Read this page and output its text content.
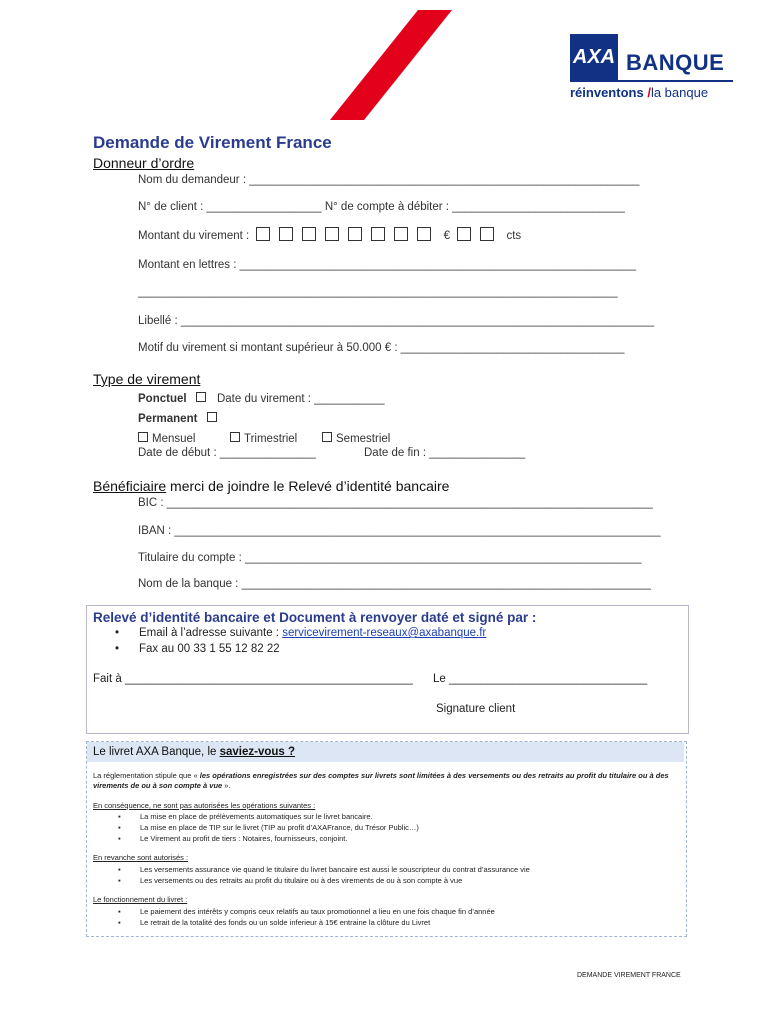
AXA BANQUE
réinventons /la banque
Demande de Virement France
Donneur d’ordre
Nom du demandeur : _____________________________________________________________
N° de client : __________________ N° de compte à débiter : ___________________________
Montant du virement :	€	cts
Montant en lettres : ______________________________________________________________
___________________________________________________________________________
Libellé : __________________________________________________________________________
Motif du virement si montant supérieur à 50.000 € : ___________________________________
Type de virement
Ponctuel	Date du virement : ___________
Permanent
Mensuel	Trimestriel	Semestriel
Date de début : _______________	Date de fin : _______________
Bénéficiaire merci de joindre le Relevé d’identité bancaire
BIC : ____________________________________________________________________________
IBAN : ____________________________________________________________________________
Titulaire du compte : ______________________________________________________________
Nom de la banque : ________________________________________________________________
Relevé d’identité bancaire et Document à renvoyer daté et signé par :
• Email à l’adresse suivante : servicevirement-reseaux@axabanque.fr
• Fax au 00 33 1 55 12 82 22
Fait à _____________________________________________ Le _______________________________
Signature client
Le livret AXA Banque, le saviez-vous ?
La réglementation stipule que « les opérations enregistrées sur des comptes sur livrets sont limitées à des versements ou des retraits au profit du titulaire ou à des virements de ou à son compte à vue ».
En conséquence, ne sont pas autorisées les opérations suivantes :
▪	La mise en place de prélèvements automatiques sur le livret bancaire.
▪	La mise en place de TIP sur le livret (TIP au profit d’AXAFrance, du Trésor Public…)
▪	Le Virement au profit de tiers : Notaires, fournisseurs, conjoint.
En revanche sont autorisés :
▪	Les versements assurance vie quand le titulaire du livret bancaire est aussi le souscripteur du contrat d’assurance vie
▪	Les versements ou des retraits au profit du titulaire ou à des virements de ou à son compte à vue
Le fonctionnement du livret :
▪	Le paiement des intérêts y compris ceux relatifs au taux promotionnel a lieu en une fois chaque fin d’année
▪	Le retrait de la totalité des fonds ou un solde inferieur à 15€ entraine la clôture du Livret
DEMANDE VIREMENT FRANCE
